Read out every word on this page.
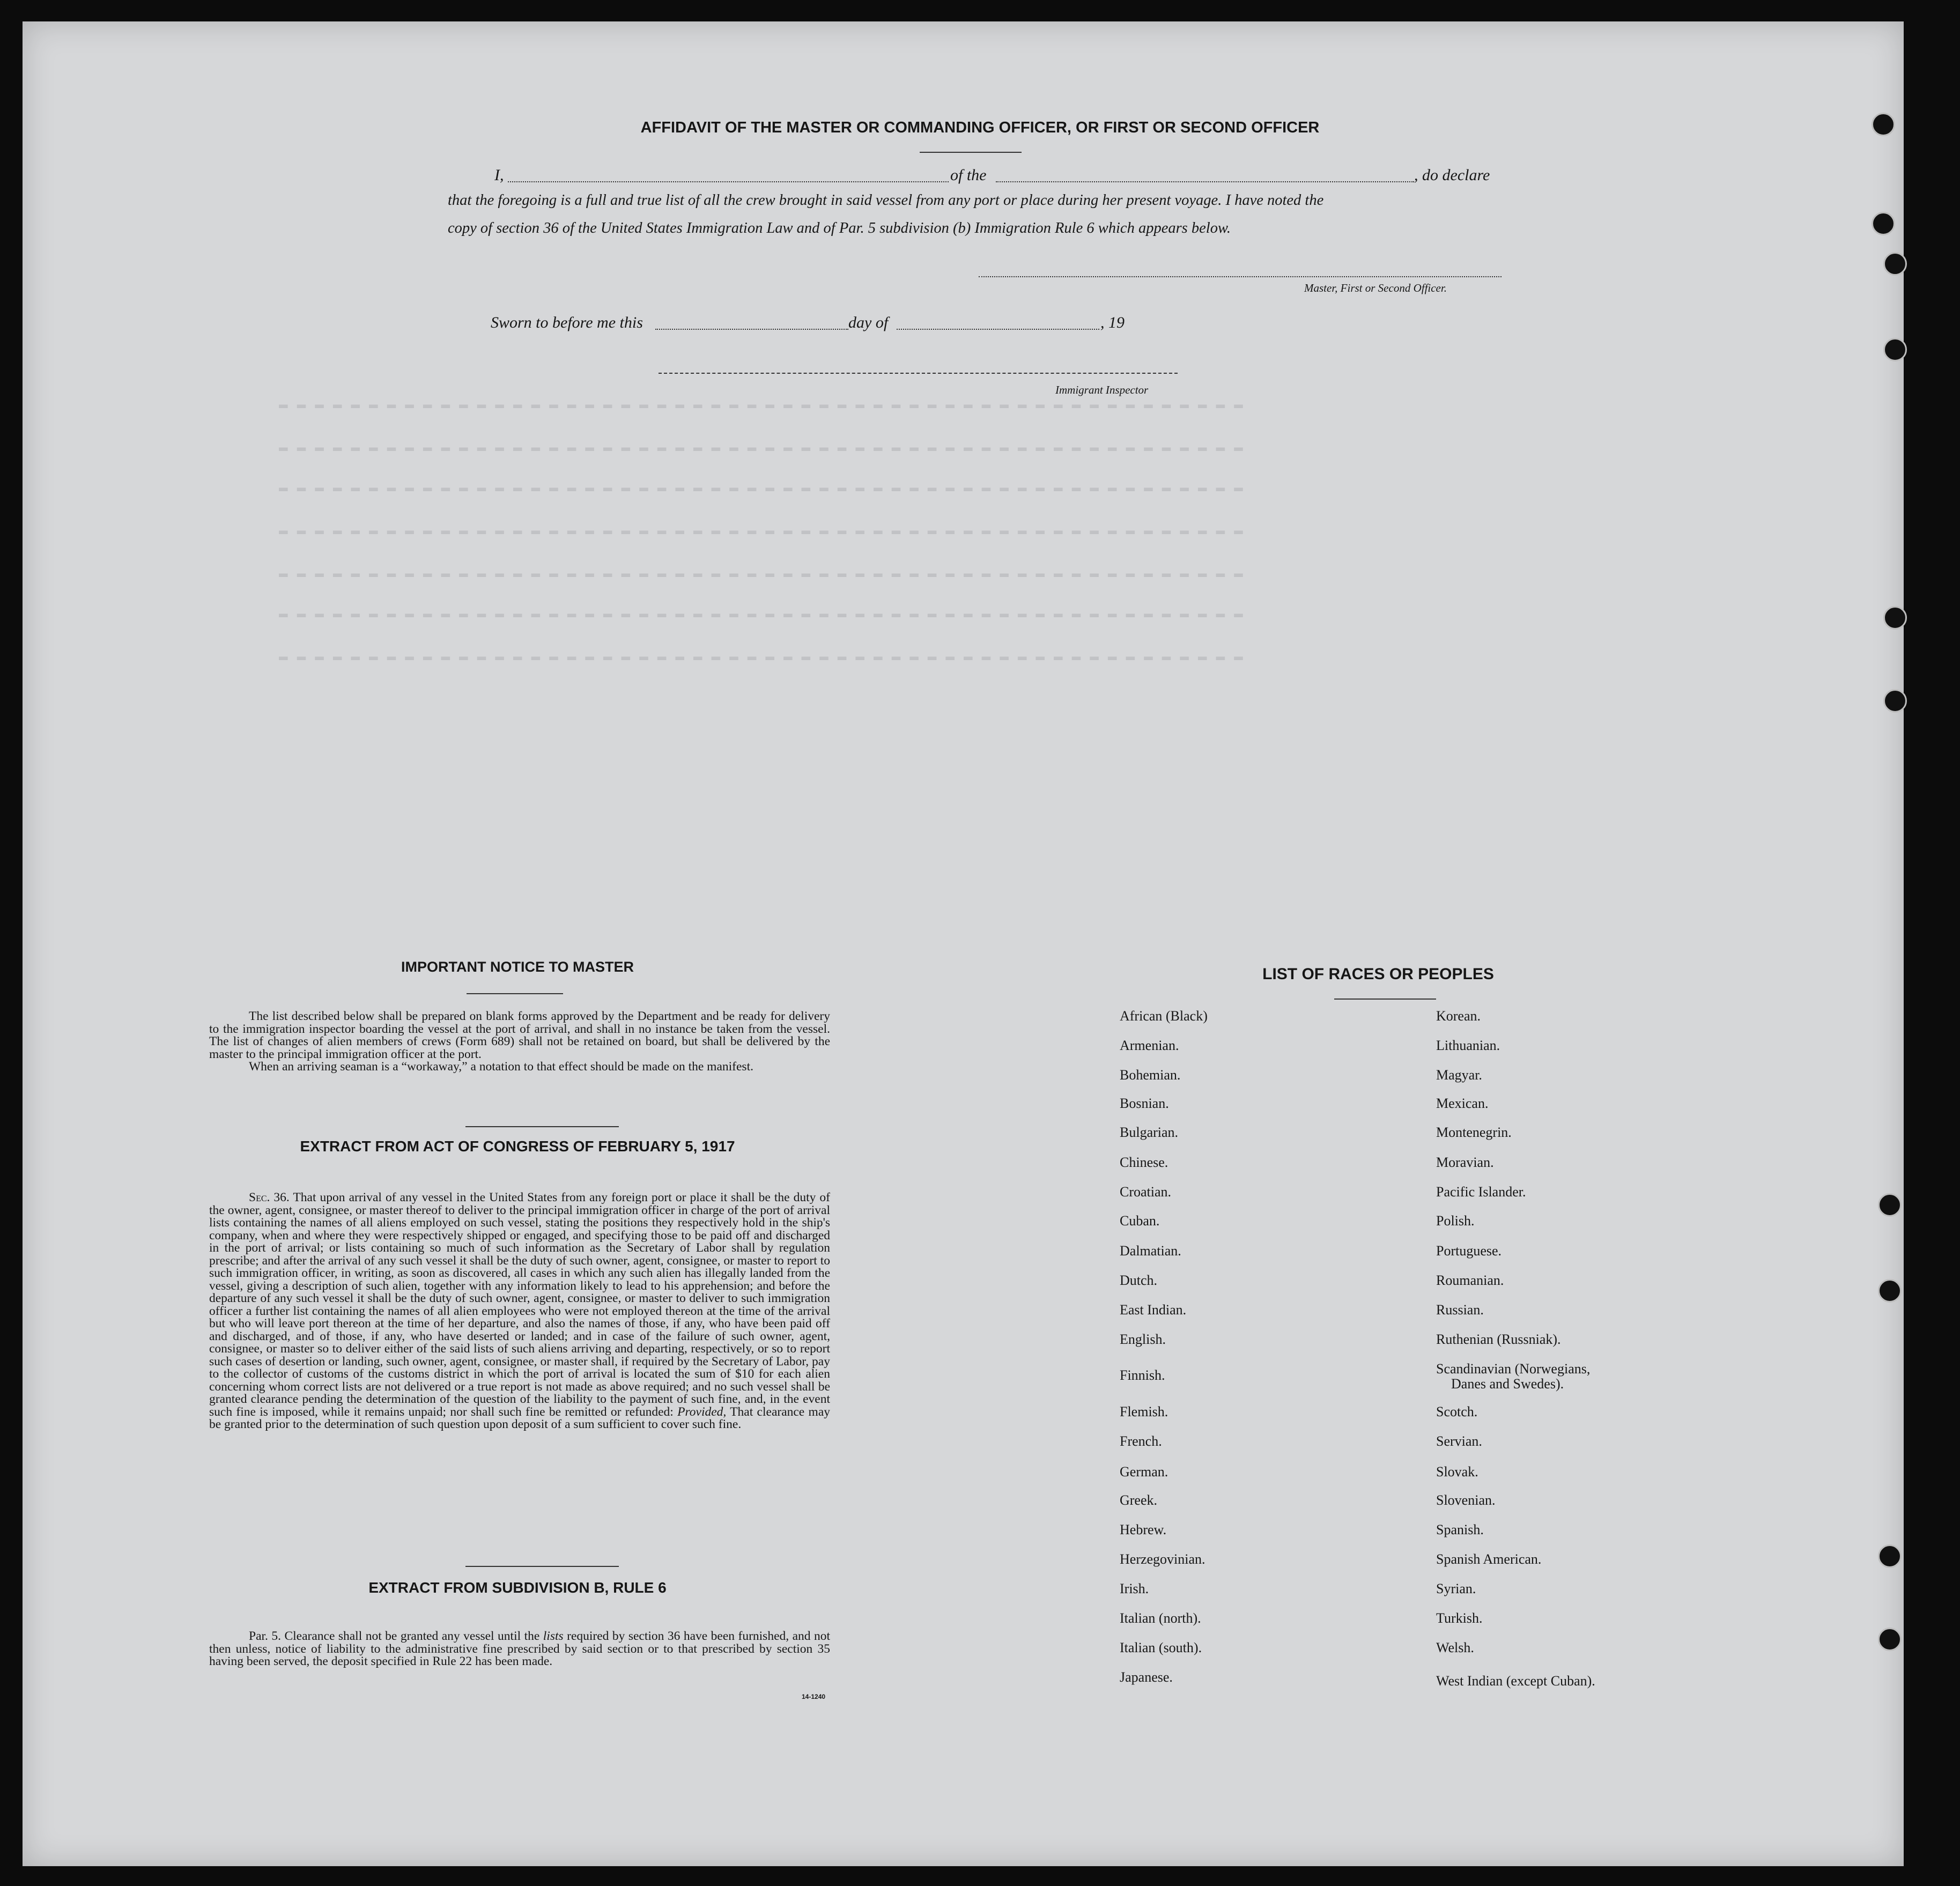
▬ ▬ ▬ ▬ ▬ ▬ ▬ ▬ ▬ ▬ ▬ ▬ ▬ ▬ ▬ ▬ ▬ ▬ ▬ ▬ ▬ ▬ ▬ ▬ ▬ ▬ ▬ ▬ ▬ ▬ ▬ ▬ ▬ ▬ ▬ ▬ ▬ ▬ ▬ ▬ ▬ ▬ ▬ ▬ ▬ ▬ ▬ ▬ ▬ ▬ ▬ ▬ ▬ ▬
▬ ▬ ▬ ▬ ▬ ▬ ▬ ▬ ▬ ▬ ▬ ▬ ▬ ▬ ▬ ▬ ▬ ▬ ▬ ▬ ▬ ▬ ▬ ▬ ▬ ▬ ▬ ▬ ▬ ▬ ▬ ▬ ▬ ▬ ▬ ▬ ▬ ▬ ▬ ▬ ▬ ▬ ▬ ▬ ▬ ▬ ▬ ▬ ▬ ▬ ▬ ▬ ▬ ▬
▬ ▬ ▬ ▬ ▬ ▬ ▬ ▬ ▬ ▬ ▬ ▬ ▬ ▬ ▬ ▬ ▬ ▬ ▬ ▬ ▬ ▬ ▬ ▬ ▬ ▬ ▬ ▬ ▬ ▬ ▬ ▬ ▬ ▬ ▬ ▬ ▬ ▬ ▬ ▬ ▬ ▬ ▬ ▬ ▬ ▬ ▬ ▬ ▬ ▬ ▬ ▬ ▬ ▬
▬ ▬ ▬ ▬ ▬ ▬ ▬ ▬ ▬ ▬ ▬ ▬ ▬ ▬ ▬ ▬ ▬ ▬ ▬ ▬ ▬ ▬ ▬ ▬ ▬ ▬ ▬ ▬ ▬ ▬ ▬ ▬ ▬ ▬ ▬ ▬ ▬ ▬ ▬ ▬ ▬ ▬ ▬ ▬ ▬ ▬ ▬ ▬ ▬ ▬ ▬ ▬ ▬ ▬
▬ ▬ ▬ ▬ ▬ ▬ ▬ ▬ ▬ ▬ ▬ ▬ ▬ ▬ ▬ ▬ ▬ ▬ ▬ ▬ ▬ ▬ ▬ ▬ ▬ ▬ ▬ ▬ ▬ ▬ ▬ ▬ ▬ ▬ ▬ ▬ ▬ ▬ ▬ ▬ ▬ ▬ ▬ ▬ ▬ ▬ ▬ ▬ ▬ ▬ ▬ ▬ ▬ ▬
▬ ▬ ▬ ▬ ▬ ▬ ▬ ▬ ▬ ▬ ▬ ▬ ▬ ▬ ▬ ▬ ▬ ▬ ▬ ▬ ▬ ▬ ▬ ▬ ▬ ▬ ▬ ▬ ▬ ▬ ▬ ▬ ▬ ▬ ▬ ▬ ▬ ▬ ▬ ▬ ▬ ▬ ▬ ▬ ▬ ▬ ▬ ▬ ▬ ▬ ▬ ▬ ▬ ▬
▬ ▬ ▬ ▬ ▬ ▬ ▬ ▬ ▬ ▬ ▬ ▬ ▬ ▬ ▬ ▬ ▬ ▬ ▬ ▬ ▬ ▬ ▬ ▬ ▬ ▬ ▬ ▬ ▬ ▬ ▬ ▬ ▬ ▬ ▬ ▬ ▬ ▬ ▬ ▬ ▬ ▬ ▬ ▬ ▬ ▬ ▬ ▬ ▬ ▬ ▬ ▬ ▬ ▬
AFFIDAVIT OF THE MASTER OR COMMANDING OFFICER, OR FIRST OR SECOND OFFICER
I,	of the	, do declare
that the foregoing is a full and true list of all the crew brought in said vessel from any port or place during her present voyage. I have noted the
copy of section 36 of the United States Immigration Law and of Par. 5 subdivision (b) Immigration Rule 6 which appears below.
Master, First or Second Officer.
Sworn to before me this	day of	, 19
Immigrant Inspector
IMPORTANT NOTICE TO MASTER

The list described below shall be prepared on blank forms approved by the Department and be ready for delivery to the immigration inspector boarding the vessel at the port of arrival, and shall in no instance be taken from the vessel. The list of changes of alien members of crews (Form 689) shall not be retained on board, but shall be delivered by the master to the principal immigration officer at the port.

When an arriving seaman is a “workaway,” a notation to that effect should be made on the manifest.

EXTRACT FROM ACT OF CONGRESS OF FEBRUARY 5, 1917

Sec. 36. That upon arrival of any vessel in the United States from any foreign port or place it shall be the duty of the owner, agent, consignee, or master thereof to deliver to the principal immigration officer in charge of the port of arrival lists containing the names of all aliens employed on such vessel, stating the positions they respectively hold in the ship's company, when and where they were respectively shipped or engaged, and specifying those to be paid off and discharged in the port of arrival; or lists containing so much of such information as the Secretary of Labor shall by regulation prescribe; and after the arrival of any such vessel it shall be the duty of such owner, agent, consignee, or master to report to such immigration officer, in writing, as soon as discovered, all cases in which any such alien has illegally landed from the vessel, giving a description of such alien, together with any information likely to lead to his apprehension; and before the departure of any such vessel it shall be the duty of such owner, agent, consignee, or master to deliver to such immigration officer a further list containing the names of all alien employees who were not employed thereon at the time of the arrival but who will leave port thereon at the time of her departure, and also the names of those, if any, who have been paid off and discharged, and of those, if any, who have deserted or landed; and in case of the failure of such owner, agent, consignee, or master so to deliver either of the said lists of such aliens arriving and departing, respectively, or so to report such cases of desertion or landing, such owner, agent, consignee, or master shall, if required by the Secretary of Labor, pay to the collector of customs of the customs district in which the port of arrival is located the sum of $10 for each alien concerning whom correct lists are not delivered or a true report is not made as above required; and no such vessel shall be granted clearance pending the determination of the question of the liability to the payment of such fine, and, in the event such fine is imposed, while it remains unpaid; nor shall such fine be remitted or refunded: Provided, That clearance may be granted prior to the determination of such question upon deposit of a sum sufficient to cover such fine.

EXTRACT FROM SUBDIVISION B, RULE 6

Par. 5. Clearance shall not be granted any vessel until the lists required by section 36 have been furnished, and not then unless, notice of liability to the administrative fine prescribed by said section or to that prescribed by section 35 having been served, the deposit specified in Rule 22 has been made.

14-1240
LIST OF RACES OR PEOPLES
African (Black)
Armenian.
Bohemian.
Bosnian.
Bulgarian.
Chinese.
Croatian.
Cuban.
Dalmatian.
Dutch.
East Indian.
English.
Finnish.
Flemish.
French.
German.
Greek.
Hebrew.
Herzegovinian.
Irish.
Italian (north).
Italian (south).
Japanese.
Korean.
Lithuanian.
Magyar.
Mexican.
Montenegrin.
Moravian.
Pacific Islander.
Polish.
Portuguese.
Roumanian.
Russian.
Ruthenian (Russniak).
Scandinavian (Norwegians,
Danes and Swedes).
Scotch.
Servian.
Slovak.
Slovenian.
Spanish.
Spanish American.
Syrian.
Turkish.
Welsh.
West Indian (except Cuban).
